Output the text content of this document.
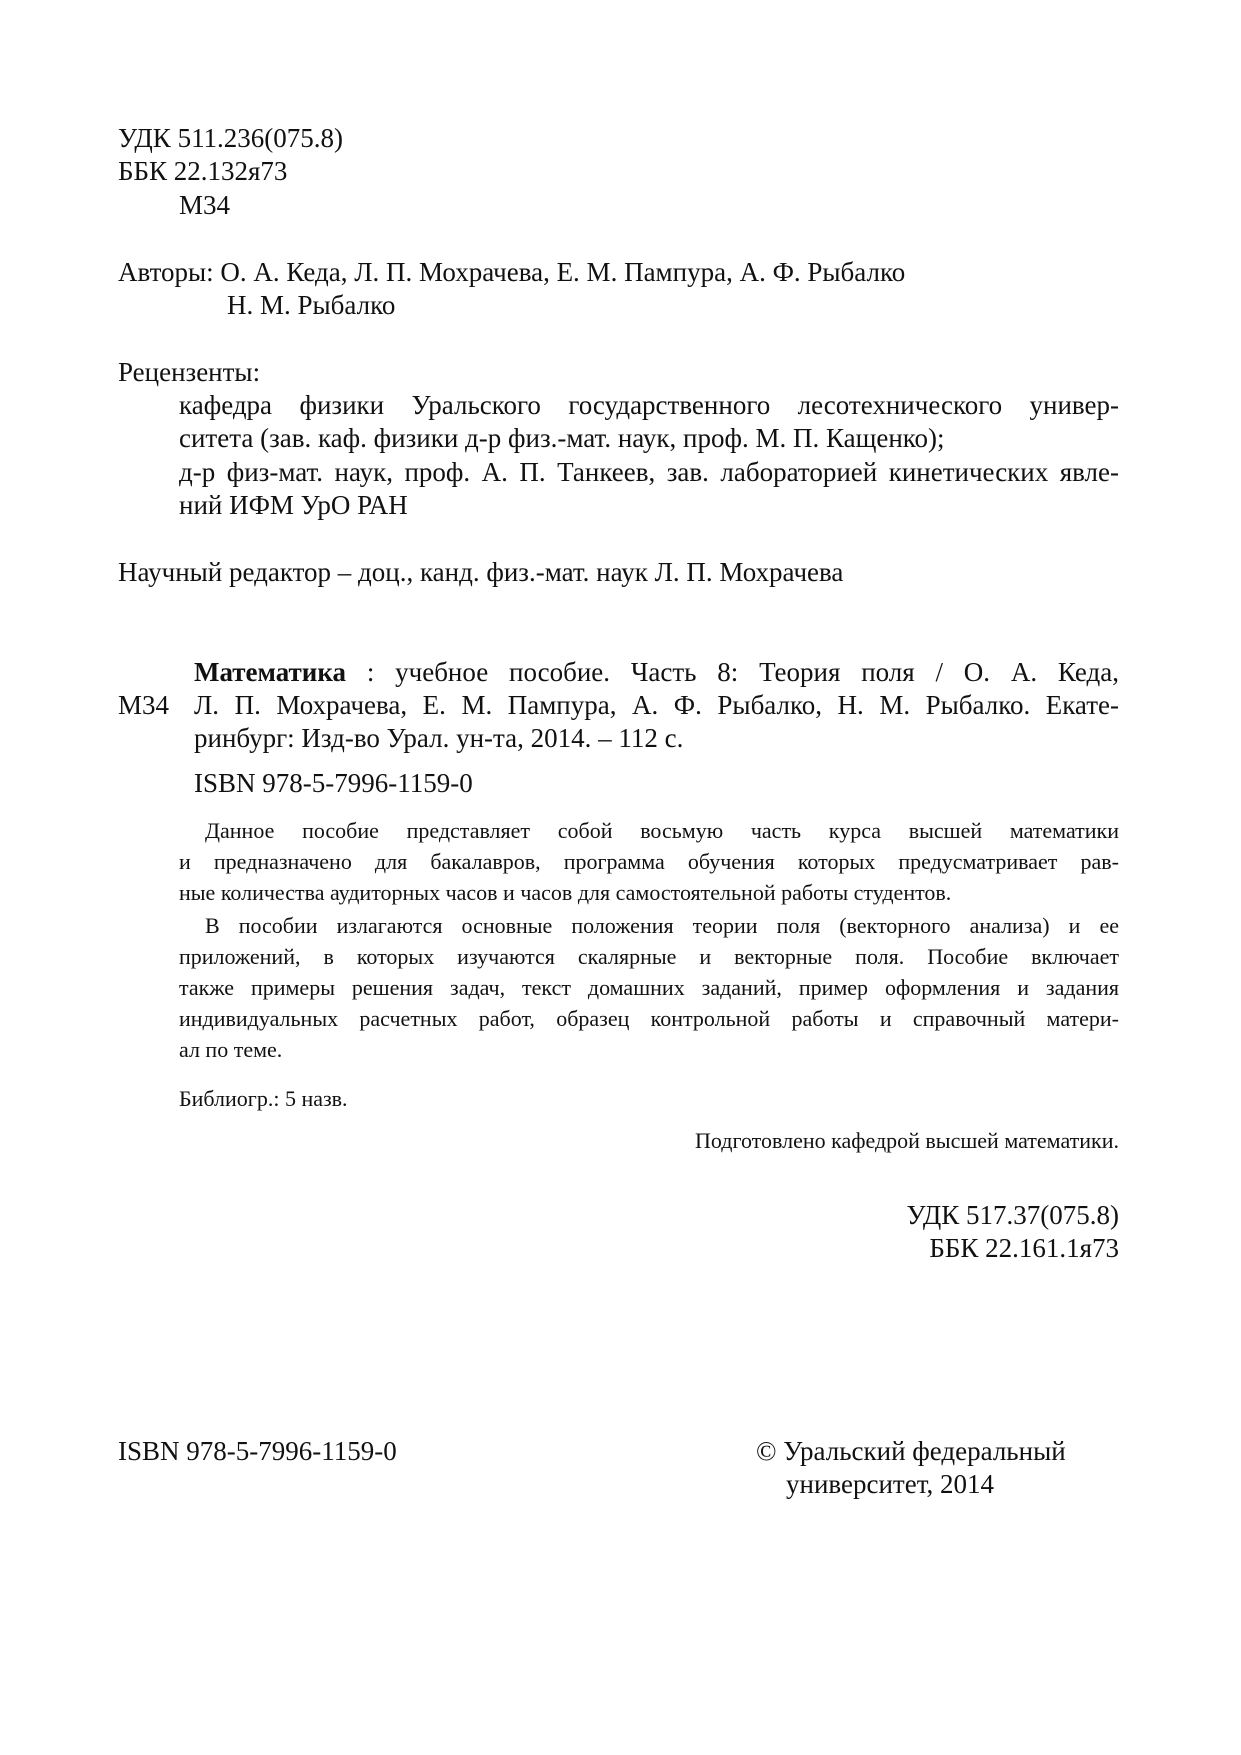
УДК 511.236(075.8)
ББК 22.132я73
М34
Авторы: О. А. Кеда, Л. П. Мохрачева, Е. М. Пампура, А. Ф. Рыбалко
Н. М. Рыбалко
Рецензенты:
кафедра физики Уральского государственного лесотехнического универ-
ситета (зав. каф. физики д-р физ.-мат. наук, проф. М. П. Кащенко);
д-р физ-мат. наук, проф. А. П. Танкеев, зав. лабораторией кинетических явле-
ний ИФМ УрО РАН
Научный редактор – доц., канд. физ.-мат. наук Л. П. Мохрачева
М34
Математика : учебное пособие. Часть 8: Теория поля / О. А. Кеда,
Л. П. Мохрачева, Е. М. Пампура, А. Ф. Рыбалко, Н. М. Рыбалко. Екате-
ринбург: Изд-во Урал. ун-та, 2014. – 112 с.
ISBN 978-5-7996-1159-0
Данное пособие представляет собой восьмую часть курса высшей математики
и предназначено для бакалавров, программа обучения которых предусматривает рав-
ные количества аудиторных часов и часов для самостоятельной работы студентов.
В пособии излагаются основные положения теории поля (векторного анализа) и ее
приложений, в которых изучаются скалярные и векторные поля. Пособие включает
также примеры решения задач, текст домашних заданий, пример оформления и задания
индивидуальных расчетных работ, образец контрольной работы и справочный матери-
ал по теме.
Библиогр.: 5 назв.
Подготовлено кафедрой высшей математики.
УДК 517.37(075.8)
ББК 22.161.1я73
ISBN 978-5-7996-1159-0	© Уральский федеральный
университет, 2014
